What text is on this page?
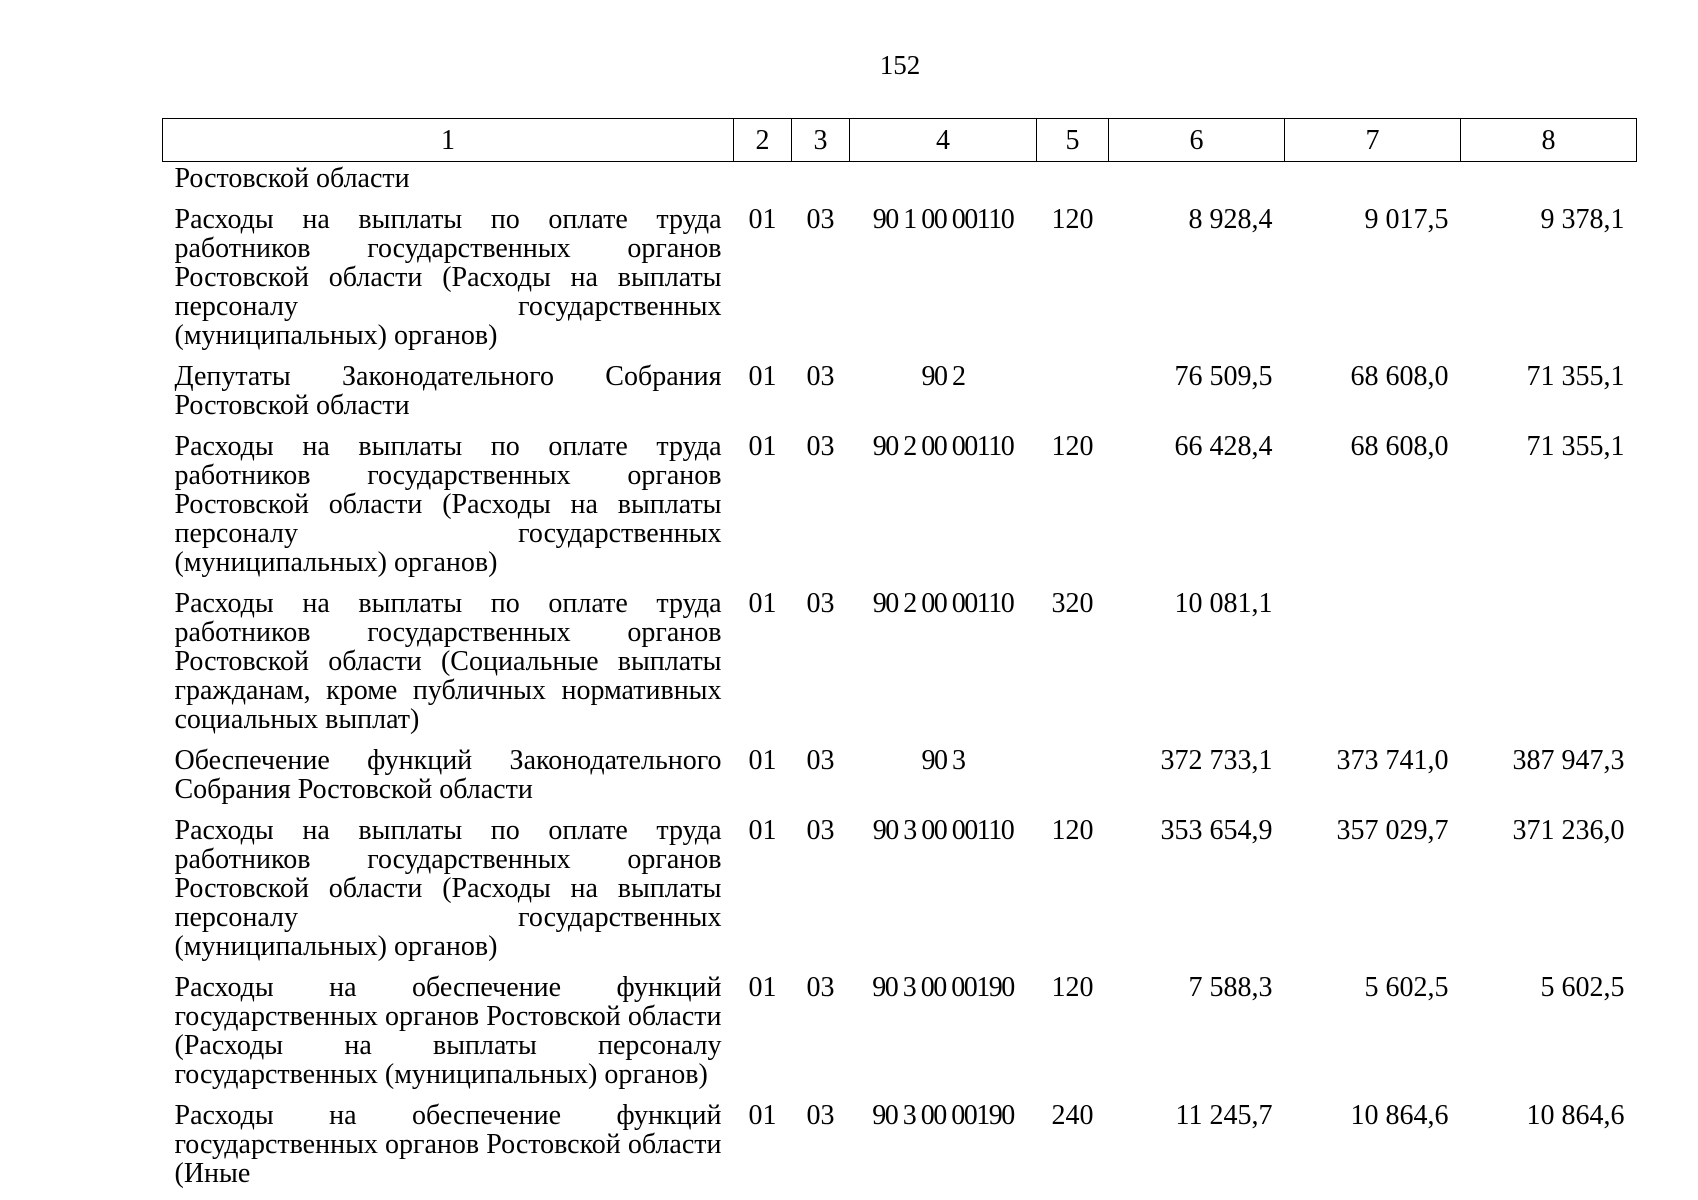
152
1	2	3	4	5	6	7	8
Ростовской области							
Расходы на выплаты по оплате труда работников государственных органов Ростовской области (Расходы на выплаты персоналу государственных (муниципальных) органов)	01	03	90 1 00 00110	120	8 928,4	9 017,5	9 378,1
Депутаты Законодательного Собрания Ростовской области	01	03	90 2		76 509,5	68 608,0	71 355,1
Расходы на выплаты по оплате труда работников государственных органов Ростовской области (Расходы на выплаты персоналу государственных (муниципальных) органов)	01	03	90 2 00 00110	120	66 428,4	68 608,0	71 355,1
Расходы на выплаты по оплате труда работников государственных органов Ростовской области (Социальные выплаты гражданам, кроме публичных нормативных социальных выплат)	01	03	90 2 00 00110	320	10 081,1		
Обеспечение функций Законодательного Собрания Ростовской области	01	03	90 3		372 733,1	373 741,0	387 947,3
Расходы на выплаты по оплате труда работников государственных органов Ростовской области (Расходы на выплаты персоналу государственных (муниципальных) органов)	01	03	90 3 00 00110	120	353 654,9	357 029,7	371 236,0
Расходы на обеспечение функций государственных органов Ростовской области (Расходы на выплаты персоналу государственных (муниципальных) органов)	01	03	90 3 00 00190	120	7 588,3	5 602,5	5 602,5
Расходы на обеспечение функций государственных органов Ростовской области (Иные	01	03	90 3 00 00190	240	11 245,7	10 864,6	10 864,6
